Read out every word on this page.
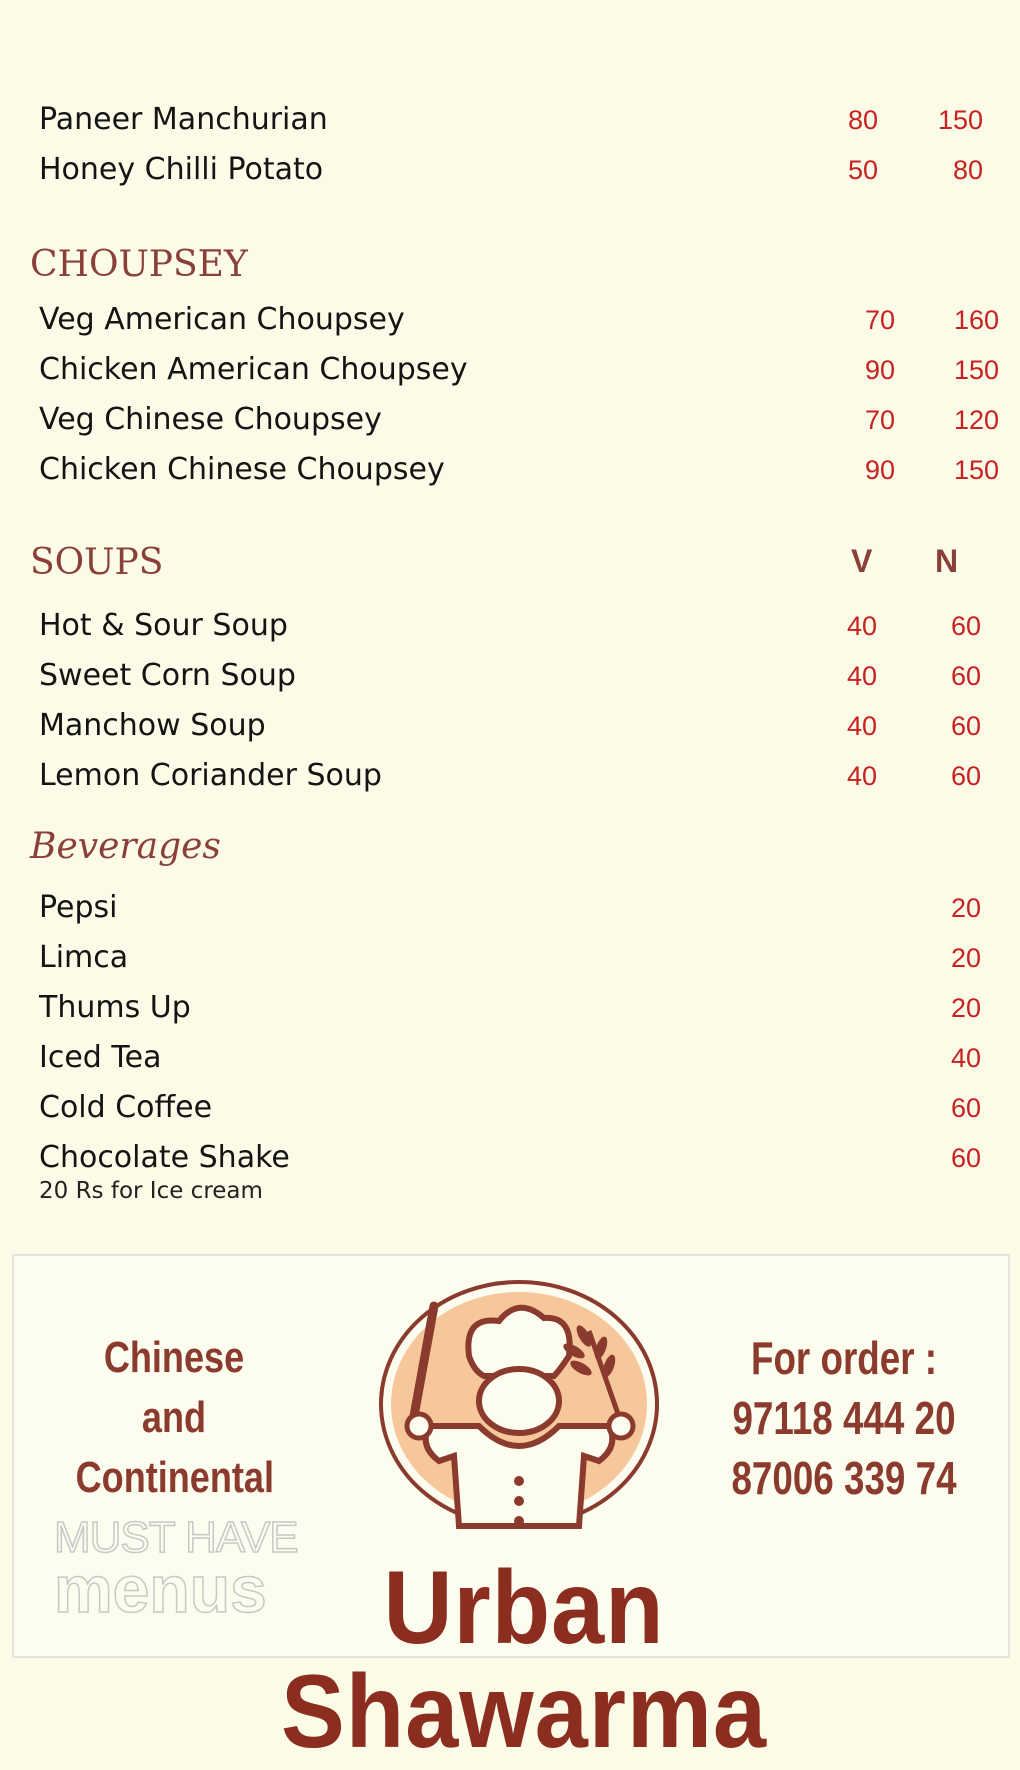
Paneer Manchurian	80	150
Honey Chilli Potato	50	80
CHOUPSEY
Veg American Choupsey	70	160
Chicken American Choupsey	90	150
Veg Chinese Choupsey	70	120
Chicken Chinese Choupsey	90	150
SOUPS	V N
Hot & Sour Soup	40	60
Sweet Corn Soup	40	60
Manchow Soup	40	60
Lemon Coriander Soup	40	60
Beverages
Pepsi	20
Limca	20
Thums Up	20
Iced Tea	40
Cold Coffee	60
Chocolate Shake	60
20 Rs for Ice cream
Chinese
and
Continental
For order :
97118 444 20
87006 339 74
Urban Shawarma
MUST HAVE
menus
